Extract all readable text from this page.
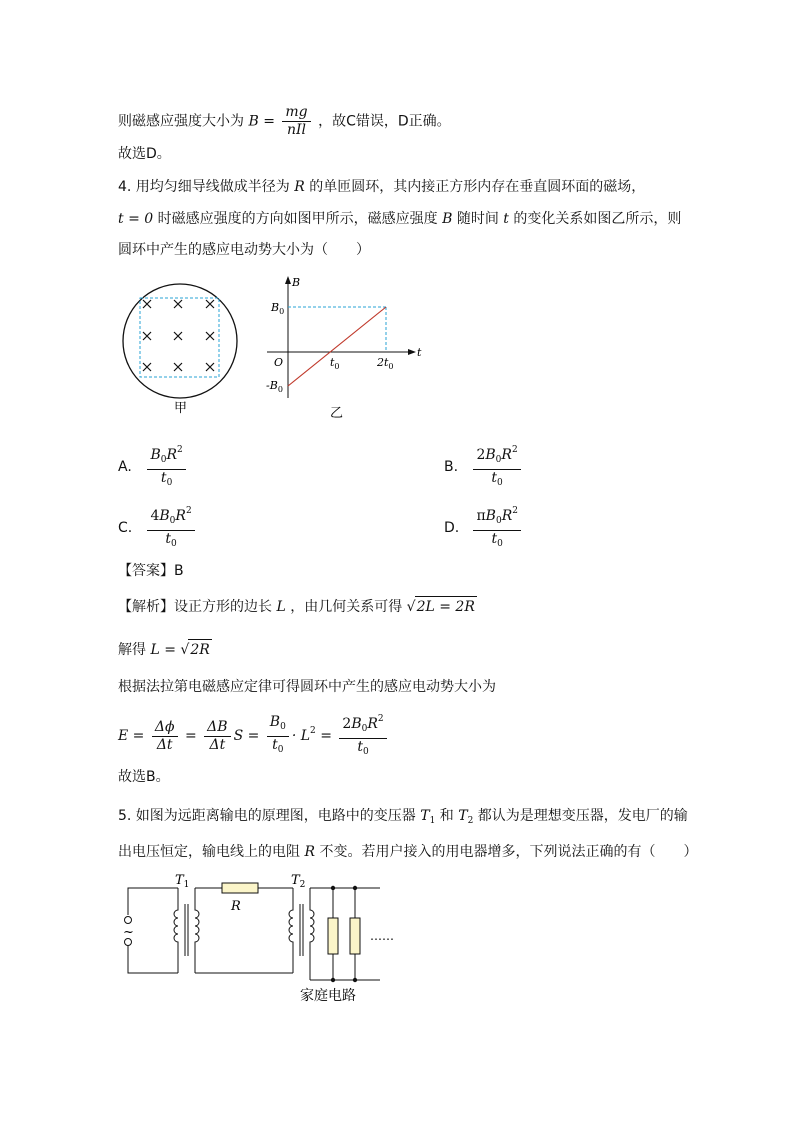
则磁感应强度大小为 $B = \frac{mg}{\text{nIl}}$ ，故C错误，D正确。
故选D。
4. 用均匀细导线做成半径为 R 的单匝圆环，其内接正方形内存在垂直圆环面的磁场，
t = 0 时磁感应强度的方向如图甲所示，磁感应强度 B 随时间 t 的变化关系如图乙所示，则
圆环中产生的感应电动势大小为（　　）
甲
B
$B_0$
O	$t_0$	$2t_0$
t
$-B_0$
乙
A. $\frac{B_0R^2}{t_0}$	B. $\frac{2B_0R^2}{t_0}$
C. $\frac{4B_0R^2}{t_0}$	D. $\frac{\pi B_0R^2}{t_0}$
【答案】B
【解析】设正方形的边长 L ，由几何关系可得 √2L = 2R
解得 L = √2R
根据法拉第电磁感应定律可得圆环中产生的感应电动势大小为
$E = \frac{\Delta\phi}{\Delta t} = \frac{\Delta B}{\Delta t}$ $S = \frac{B_0}{t_0} \cdot L^2 = \frac{2B_0R^2}{t_0}$
故选B。
5. 如图为远距离输电的原理图，电路中的变压器 $T_1$ 和 $T_2$ 都认为是理想变压器，发电厂的输
出电压恒定，输电线上的电阻 R 不变。若用户接入的用电器增多，下列说法正确的有（　　）
~
$T_1$	$T_2$
R
……
家庭电路
